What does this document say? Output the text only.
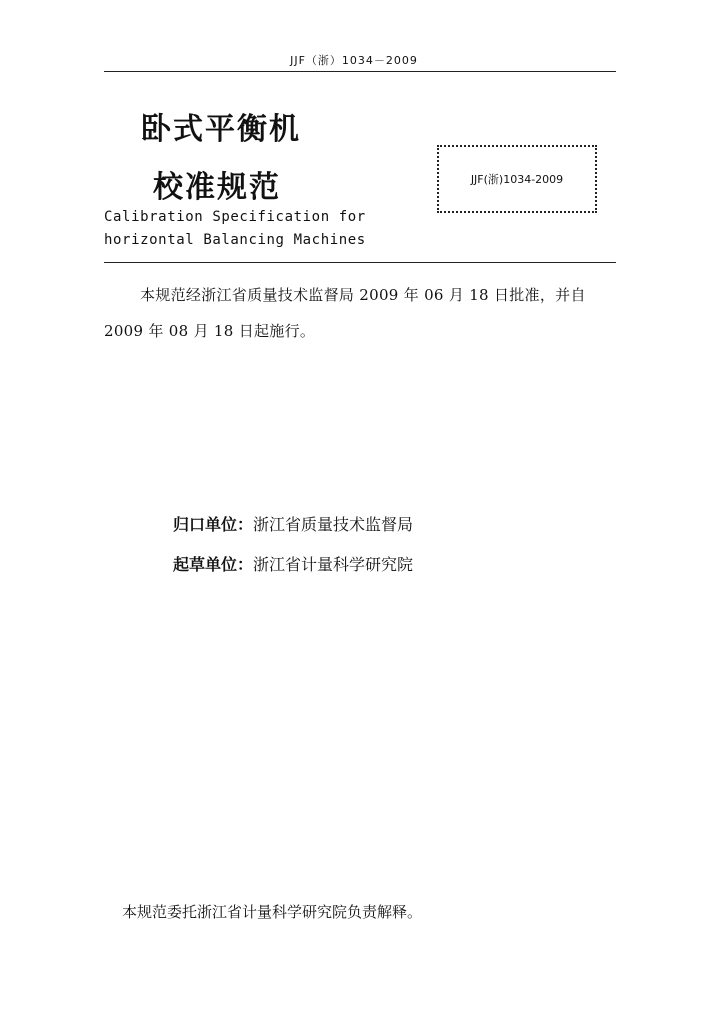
JJF（浙）1034－2009
卧式平衡机
校准规范	JJF(浙)1034-2009
Calibration Specification for
horizontal Balancing Machines
本规范经浙江省质量技术监督局 2009 年 06 月 18 日批准，并自
2009 年 08 月 18 日起施行。
归口单位：浙江省质量技术监督局
起草单位：浙江省计量科学研究院
本规范委托浙江省计量科学研究院负责解释。
